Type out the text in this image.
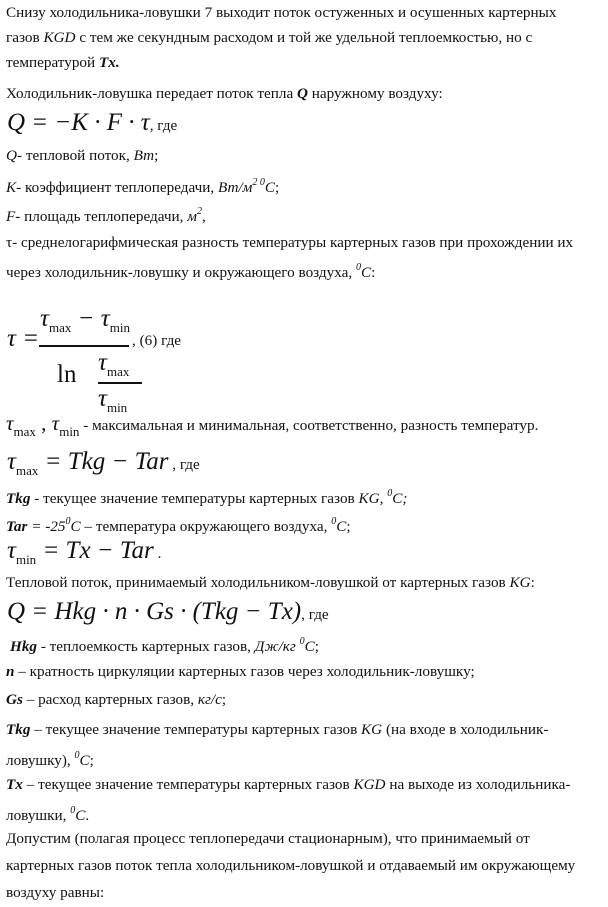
Снизу холодильника-ловушки 7 выходит поток остуженных и осушенных картерных
газов KGD с тем же секундным расходом и той же удельной теплоемкостью, но с
температурой Tx.
Холодильник-ловушка передает поток тепла Q наружному воздуху:
Q = −K · F · τ, где
Q- тепловой поток, Вт;
K- коэффициент теплопередачи, $Вт/м^{2 0}C$;
F- площадь теплопередачи, $м^2$,
τ- среднелогарифмическая разность температуры картерных газов при прохождении их
через холодильник-ловушку и окружающего воздуха, $^0$C:
τ =
$\tau_{max} - \tau_{min}$
$\ln \tau_{max}$
$\tau_{min}$
, (6) где
τmax , τmin - максимальная и минимальная, соответственно, разность температур.
$\tau_{max}$ = Tkg − Tar , где
Tkg - текущее значение температуры картерных газов KG, $^0$C;
Tar = $-25^0C$ – температура окружающего воздуха, $^0$C;
$\tau_{min} = Tx$ − Tar .
Тепловой поток, принимаемый холодильником-ловушкой от картерных газов KG:
Q = Hkg · n · Gs · (Tkg − Tx), где
Hkg - теплоемкость картерных газов, Дж/кг $^0$C;
n – кратность циркуляции картерных газов через холодильник-ловушку;
Gs – расход картерных газов, кг/с;
Tkg – текущее значение температуры картерных газов KG (на входе в холодильник-
ловушку), $^0$C;
Tx – текущее значение температуры картерных газов KGD на выходе из холодильника-
ловушки, $^0$C.
Допустим (полагая процесс теплопередачи стационарным), что принимаемый от
картерных газов поток тепла холодильником-ловушкой и отдаваемый им окружающему
воздуху равны:
